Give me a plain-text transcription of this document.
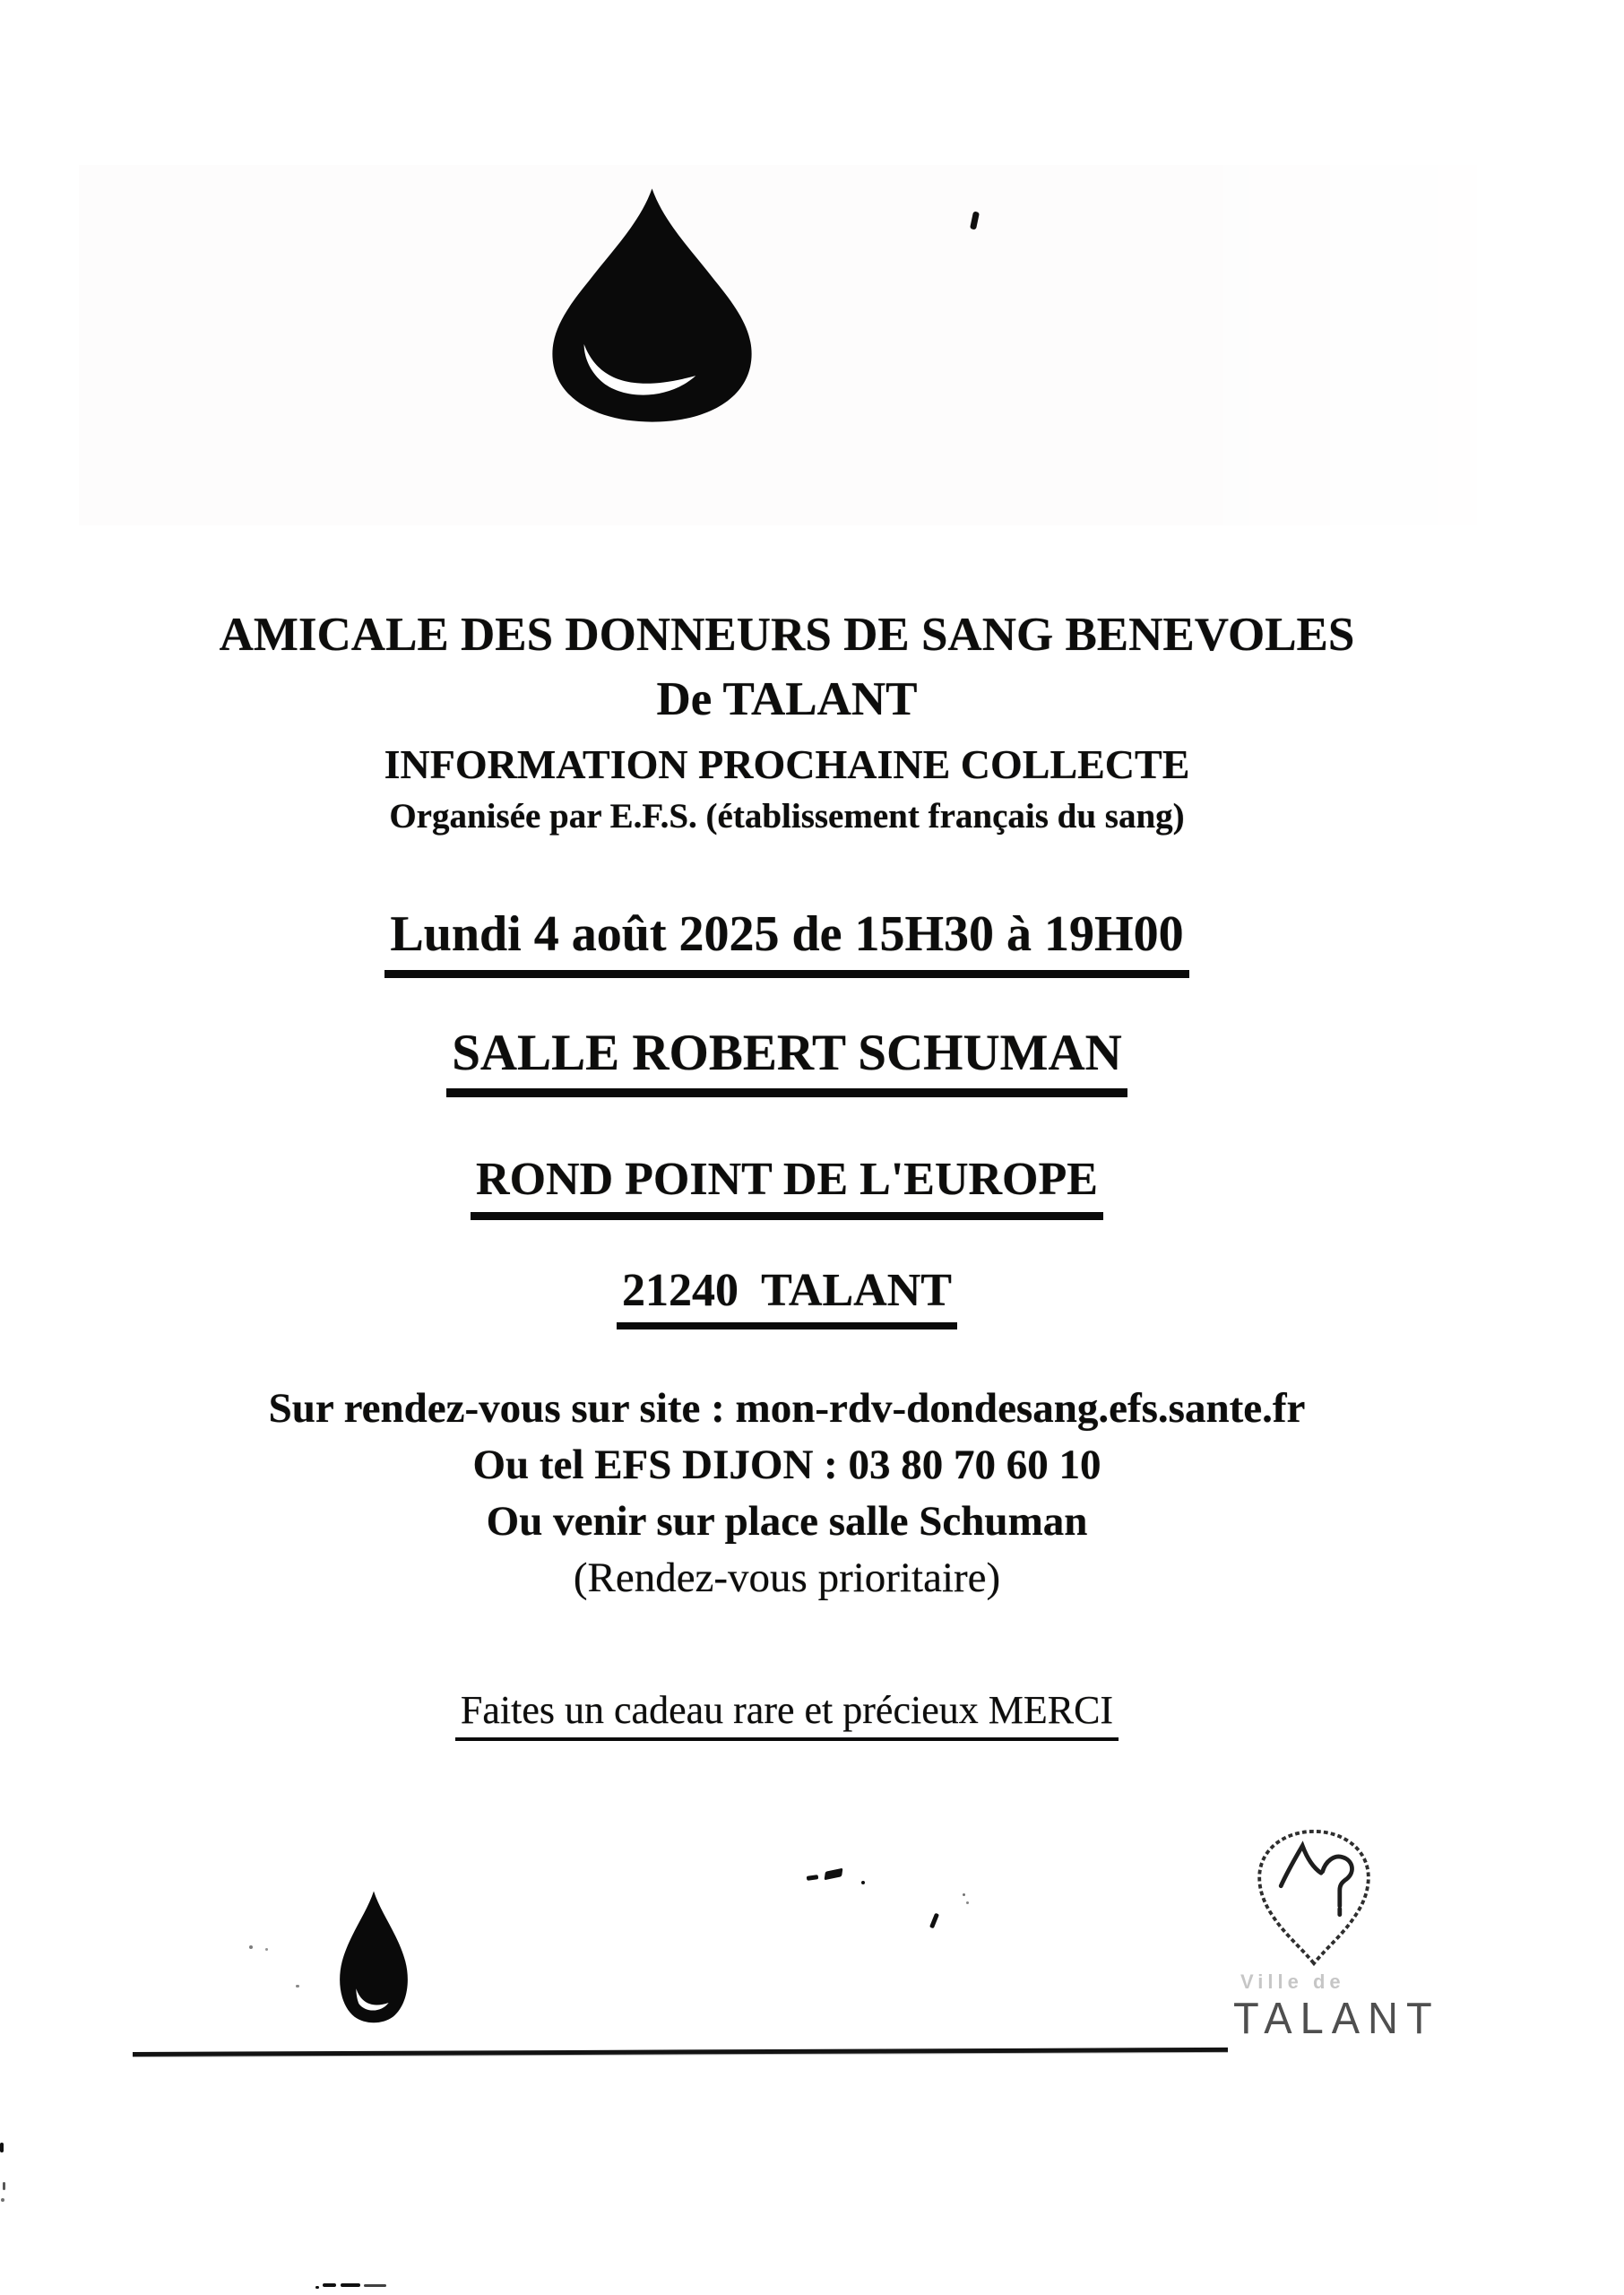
AMICALE DES DONNEURS DE SANG BENEVOLES
De TALANT
INFORMATION PROCHAINE COLLECTE
Organisée par E.F.S. (établissement français du sang)
Lundi 4 août 2025 de 15H30 à 19H00
SALLE ROBERT SCHUMAN
ROND POINT DE L'EUROPE
21240  TALANT
Sur rendez-vous sur site : mon-rdv-dondesang.efs.sante.fr
Ou tel EFS DIJON : 03 80 70 60 10
Ou venir sur place salle Schuman
(Rendez-vous prioritaire)
Faites un cadeau rare et précieux MERCI
Ville de
TALANT
